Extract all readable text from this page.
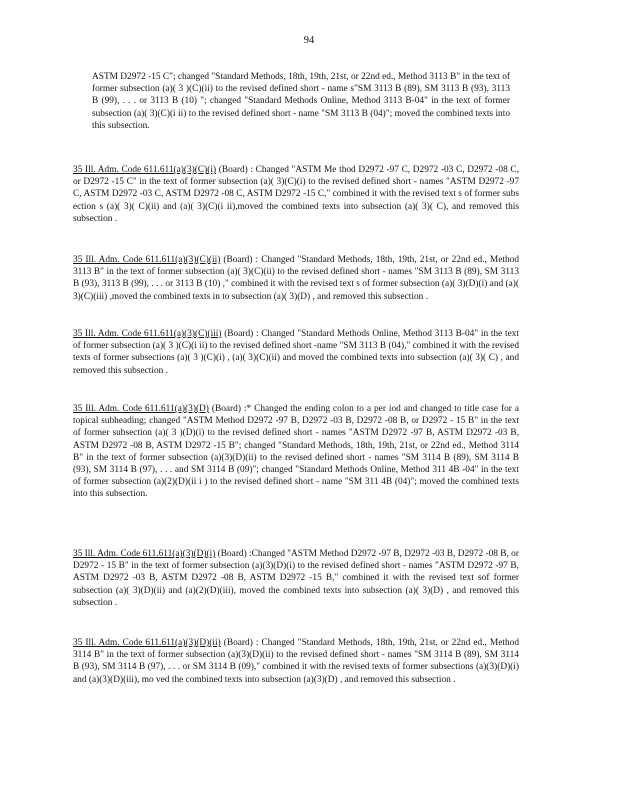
94
ASTM D2972 -15 C"; changed "Standard Methods, 18th, 19th, 21st, or 22nd ed., Method 3113 B" in the text of former subsection (a)( 3 )(C)(ii) to the revised defined short - name s"SM 3113 B (89), SM 3113 B (93), 3113 B (99), . . . or 3113 B (10) "; changed "Standard Methods Online, Method 3113 B-04" in the text of former subsection (a)( 3)(C)(i ii) to the revised defined short - name "SM 3113 B (04)"; moved the combined texts into this subsection.
35 Ill. Adm. Code 611.611(a)(3)(C)(i) (Board) : Changed "ASTM Me thod D2972 -97 C, D2972 -03 C, D2972 -08 C, or D2972 -15 C" in the text of former subsection (a)( 3)(C)(i) to the revised defined short - names "ASTM D2972 -97 C, ASTM D2972 -03 C, ASTM D2972 -08 C, ASTM D2972 -15 C," combined it with the revised text s of former subs ection s (a)( 3)( C)(ii) and (a)( 3)(C)(i ii),moved the combined texts into subsection (a)( 3)( C), and removed this subsection .
35 Ill. Adm. Code 611.611(a)(3)(C)(ii) (Board) : Changed "Standard Methods, 18th, 19th, 21st, or 22nd ed., Method 3113 B" in the text of former subsection (a)( 3)(C)(ii) to the revised defined short - names "SM 3113 B (89), SM 3113 B (93), 3113 B (99), . . . or 3113 B (10) ," combined it with the revised text s of former subsection (a)( 3)(D)(i) and (a)( 3)(C)(iii) ,moved the combined texts in to subsection (a)( 3)(D) , and removed this subsection .
35 Ill. Adm. Code 611.611(a)(3)(C)(iii) (Board) : Changed "Standard Methods Online, Method 3113 B-04" in the text of former subsection (a)( 3 )(C)(i ii) to the revised defined short -name "SM 3113 B (04)," combined it with the revised texts of former subsections (a)( 3 )(C)(i) , (a)( 3)(C)(ii) and moved the combined texts into subsection (a)( 3)( C) , and removed this subsection .
35 Ill. Adm. Code 611.611(a)(3)(D) (Board) :* Changed the ending colon to a per iod and changed to title case for a topical subheading; changed "ASTM Method D2972 -97 B, D2972 -03 B, D2972 -08 B, or D2972 - 15 B" in the text of former subsection (a)( 3 )(D)(i) to the revised defined short - names "ASTM D2972 -97 B, ASTM D2972 -03 B, ASTM D2972 -08 B, ASTM D2972 -15 B"; changed "Standard Methods, 18th, 19th, 21st, or 22nd ed., Method 3114 B" in the text of former subsection (a)(3)(D)(ii) to the revised defined short - names "SM 3114 B (89), SM 3114 B (93), SM 3114 B (97), . . . and SM 3114 B (09)"; changed "Standard Methods Online, Method 311 4B -04" in the text of former subsection (a)(2)(D)(ii i ) to the revised defined short - name "SM 311 4B (04)"; moved the combined texts into this subsection.
35 Ill. Adm. Code 611.611(a)(3)(D)(i) (Board) :Changed "ASTM Method D2972 -97 B, D2972 -03 B, D2972 -08 B, or D2972 - 15 B" in the text of former subsection (a)(3)(D)(i) to the revised defined short - names "ASTM D2972 -97 B, ASTM D2972 -03 B, ASTM D2972 -08 B, ASTM D2972 -15 B," combined it with the revised text sof former subsection (a)( 3)(D)(ii) and (a)(2)(D)(iii), moved the combined texts into subsection (a)( 3)(D) , and removed this subsection .
35 Ill. Adm. Code 611.611(a)(3)(D)(ii) (Board) : Changed "Standard Methods, 18th, 19th, 21st, or 22nd ed., Method 3114 B" in the text of former subsection (a)(3)(D)(ii) to the revised defined short - names "SM 3114 B (89), SM 3114 B (93), SM 3114 B (97), . . . or SM 3114 B (09)," combined it with the revised texts of former subsections (a)(3)(D)(i) and (a)(3)(D)(iii), mo ved the combined texts into subsection (a)(3)(D) , and removed this subsection .
